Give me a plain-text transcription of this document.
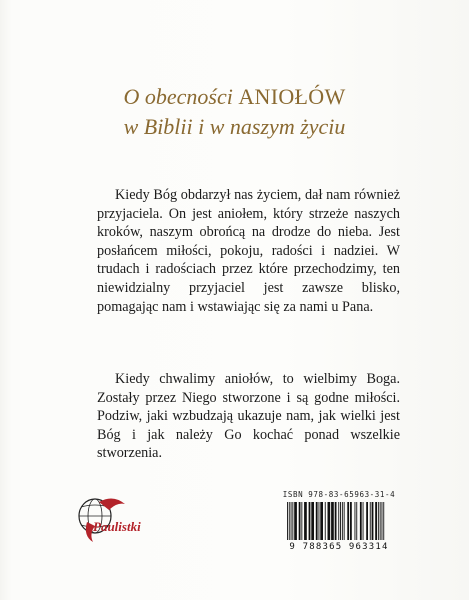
O obecności ANIOŁÓW
w Biblii i w naszym życiu
Kiedy Bóg obdarzył nas życiem, dał nam również przyjaciela. On jest aniołem, który strzeże naszych kroków, naszym obrońcą na drodze do nieba. Jest posłańcem miłości, pokoju, radości i nadziei. W trudach i radościach przez które przechodzimy, ten niewidzialny przyjaciel jest zawsze blisko, pomagając nam i wstawiając się za nami u Pana.
Kiedy chwalimy aniołów, to wielbimy Boga. Zostały przez Niego stworzone i są godne miłości. Podziw, jaki wzbudzają ukazuje nam, jak wielki jest Bóg i jak należy Go kochać ponad wszelkie stworzenia.
Paulistki
ISBN 978-83-65963-31-4
9 788365 963314
